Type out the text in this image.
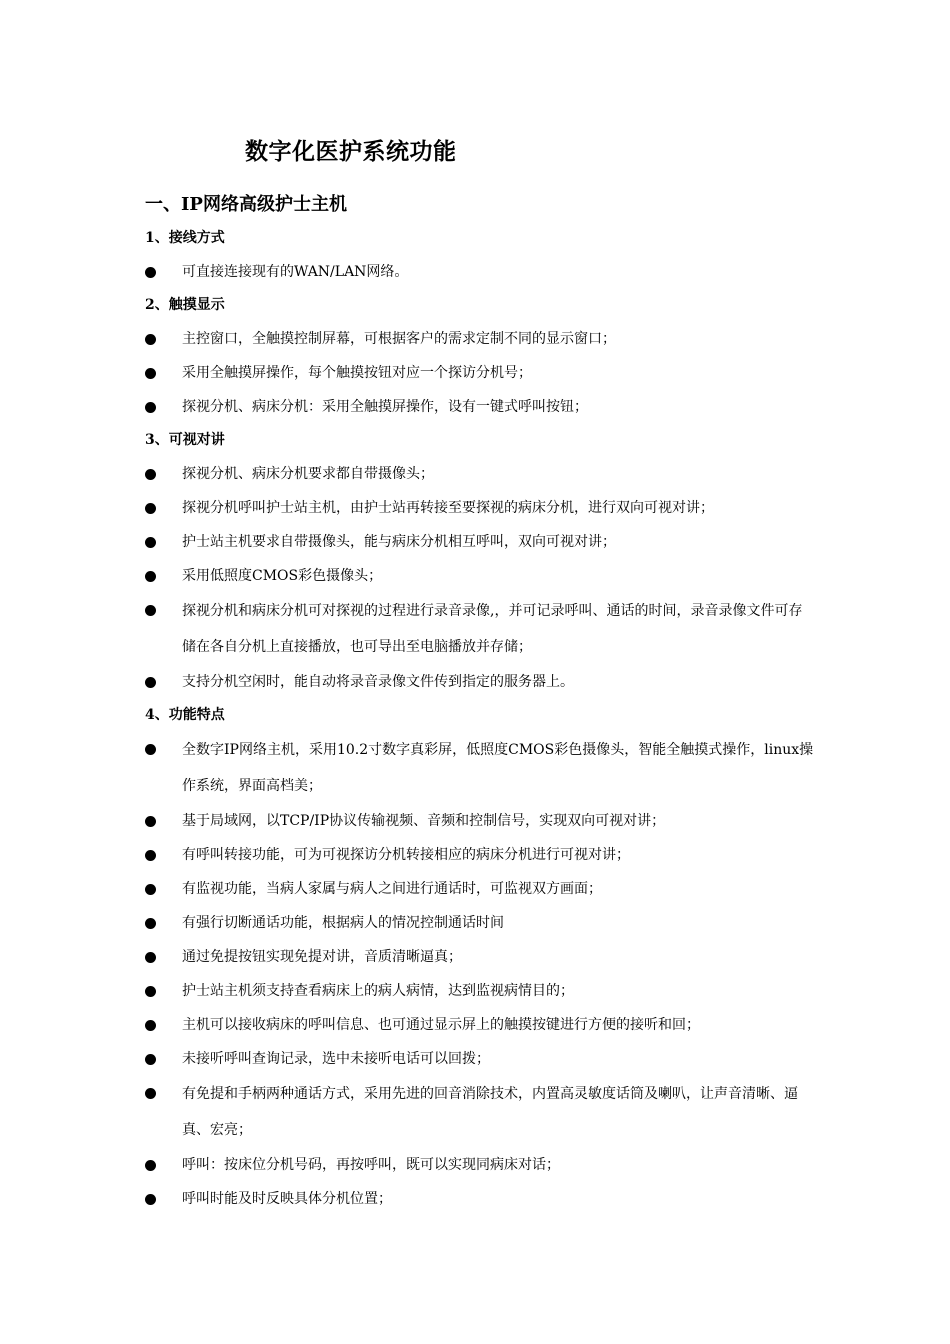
数字化医护系统功能
一、IP网络高级护士主机
1、接线方式
可直接连接现有的WAN/LAN网络。
2、触摸显示
主控窗口，全触摸控制屏幕，可根据客户的需求定制不同的显示窗口；
采用全触摸屏操作，每个触摸按钮对应一个探访分机号；
探视分机、病床分机：采用全触摸屏操作，设有一键式呼叫按钮；
3、可视对讲
探视分机、病床分机要求都自带摄像头；
探视分机呼叫护士站主机，由护士站再转接至要探视的病床分机，进行双向可视对讲；
护士站主机要求自带摄像头，能与病床分机相互呼叫，双向可视对讲；
采用低照度CMOS彩色摄像头；
探视分机和病床分机可对探视的过程进行录音录像,，并可记录呼叫、通话的时间，录音录像文件可存储在各自分机上直接播放，也可导出至电脑播放并存储；
支持分机空闲时，能自动将录音录像文件传到指定的服务器上。
4、功能特点
全数字IP网络主机，采用10.2寸数字真彩屏，低照度CMOS彩色摄像头，智能全触摸式操作，linux操作系统，界面高档美；
基于局域网，以TCP/IP协议传输视频、音频和控制信号，实现双向可视对讲；
有呼叫转接功能，可为可视探访分机转接相应的病床分机进行可视对讲；
有监视功能，当病人家属与病人之间进行通话时，可监视双方画面；
有强行切断通话功能，根据病人的情况控制通话时间
通过免提按钮实现免提对讲，音质清晰逼真；
护士站主机须支持查看病床上的病人病情，达到监视病情目的；
主机可以接收病床的呼叫信息、也可通过显示屏上的触摸按键进行方便的接听和回；
未接听呼叫查询记录，选中未接听电话可以回拨；
有免提和手柄两种通话方式，采用先进的回音消除技术，内置高灵敏度话筒及喇叭，让声音清晰、逼真、宏亮；
呼叫：按床位分机号码，再按呼叫，既可以实现同病床对话；
呼叫时能及时反映具体分机位置；
